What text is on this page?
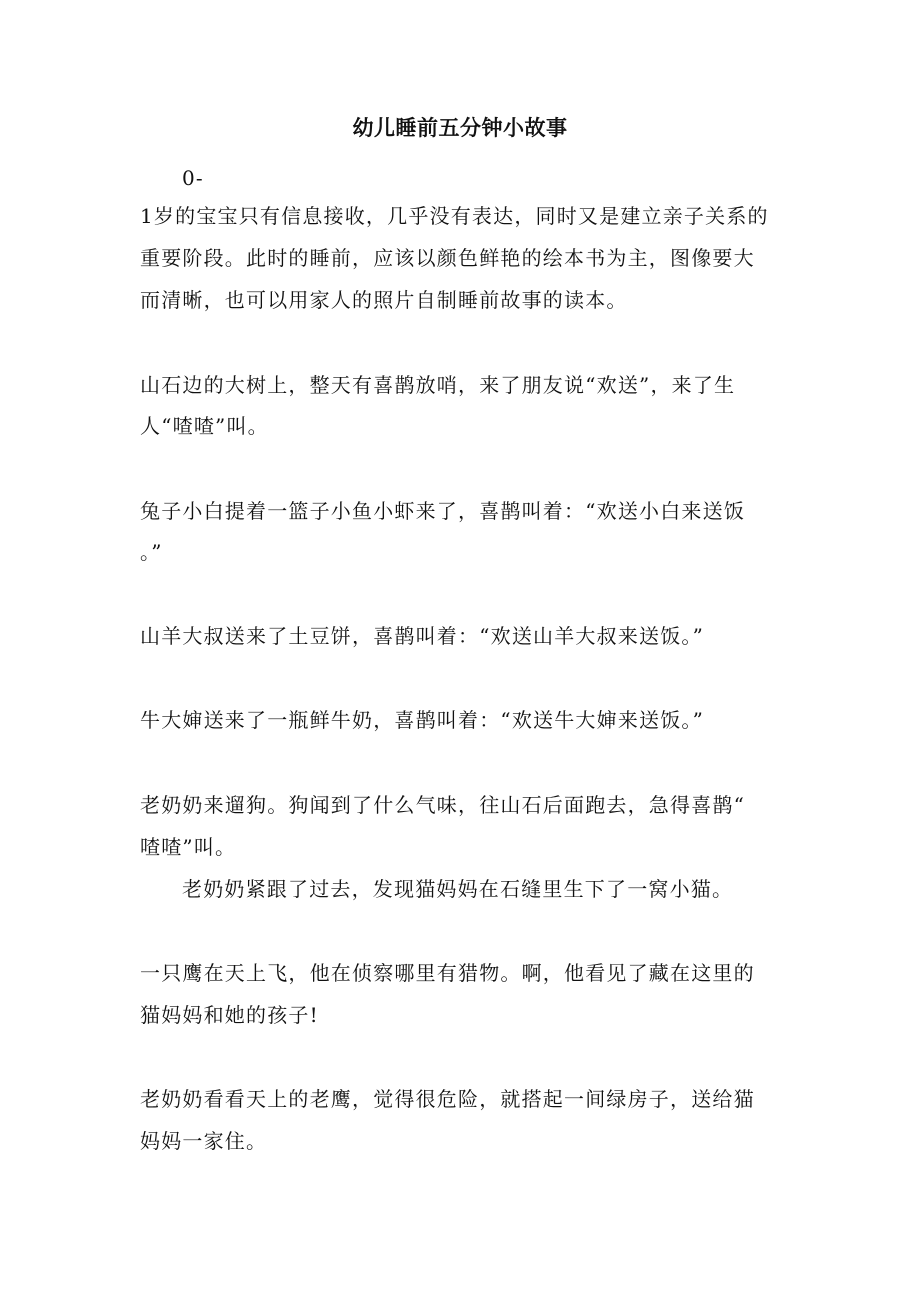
幼儿睡前五分钟小故事
0-
1岁的宝宝只有信息接收，几乎没有表达，同时又是建立亲子关系的
重要阶段。此时的睡前，应该以颜色鲜艳的绘本书为主，图像要大
而清晰，也可以用家人的照片自制睡前故事的读本。
山石边的大树上，整天有喜鹊放哨，来了朋友说“欢送”，来了生
人“喳喳”叫。
兔子小白提着一篮子小鱼小虾来了，喜鹊叫着：“欢送小白来送饭
。”
山羊大叔送来了土豆饼，喜鹊叫着：“欢送山羊大叔来送饭。”
牛大婶送来了一瓶鲜牛奶，喜鹊叫着：“欢送牛大婶来送饭。”
老奶奶来遛狗。狗闻到了什么气味，往山石后面跑去，急得喜鹊“
喳喳”叫。
老奶奶紧跟了过去，发现猫妈妈在石缝里生下了一窝小猫。
一只鹰在天上飞，他在侦察哪里有猎物。啊，他看见了藏在这里的
猫妈妈和她的孩子!
老奶奶看看天上的老鹰，觉得很危险，就搭起一间绿房子，送给猫
妈妈一家住。
